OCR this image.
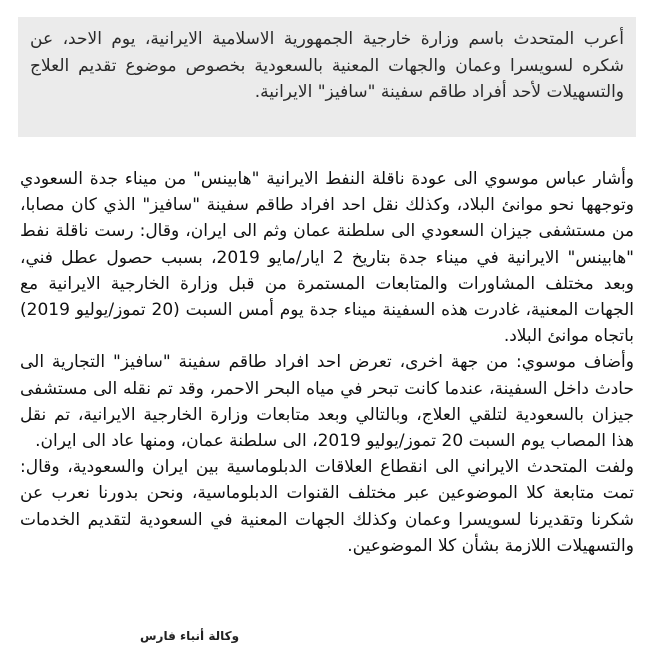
أعرب المتحدث باسم وزارة خارجية الجمهورية الاسلامية الايرانية، يوم الاحد، عن شكره لسويسرا وعمان والجهات المعنية بالسعودية بخصوص موضوع تقديم العلاج والتسهيلات لأحد أفراد طاقم سفينة "سافيز" الايرانية.

وأشار عباس موسوي الى عودة ناقلة النفط الايرانية "هابينس" من ميناء جدة السعودي وتوجهها نحو موانئ البلاد، وكذلك نقل احد افراد طاقم سفينة "سافيز" الذي كان مصابا، من مستشفى جيزان السعودي الى سلطنة عمان وثم الى ايران، وقال: رست ناقلة نفط "هابينس" الايرانية في ميناء جدة بتاريخ 2 ايار/مايو 2019، بسبب حصول عطل فني، وبعد مختلف المشاورات والمتابعات المستمرة من قبل وزارة الخارجية الايرانية مع الجهات المعنية، غادرت هذه السفينة ميناء جدة يوم أمس السبت (20 تموز/يوليو 2019) باتجاه موانئ البلاد.

وأضاف موسوي: من جهة اخرى، تعرض احد افراد طاقم سفينة "سافيز" التجارية الى حادث داخل السفينة، عندما كانت تبحر في مياه البحر الاحمر، وقد تم نقله الى مستشفى جيزان بالسعودية لتلقي العلاج، وبالتالي وبعد متابعات وزارة الخارجية الايرانية، تم نقل هذا المصاب يوم السبت 20 تموز/يوليو 2019، الى سلطنة عمان، ومنها عاد الى ايران.

ولفت المتحدث الايراني الى انقطاع العلاقات الدبلوماسية بين ايران والسعودية، وقال: تمت متابعة كلا الموضوعين عبر مختلف القنوات الدبلوماسية، ونحن بدورنا نعرب عن شكرنا وتقديرنا لسويسرا وعمان وكذلك الجهات المعنية في السعودية لتقديم الخدمات والتسهيلات اللازمة بشأن كلا الموضوعين.

وكالة أنباء فارس
